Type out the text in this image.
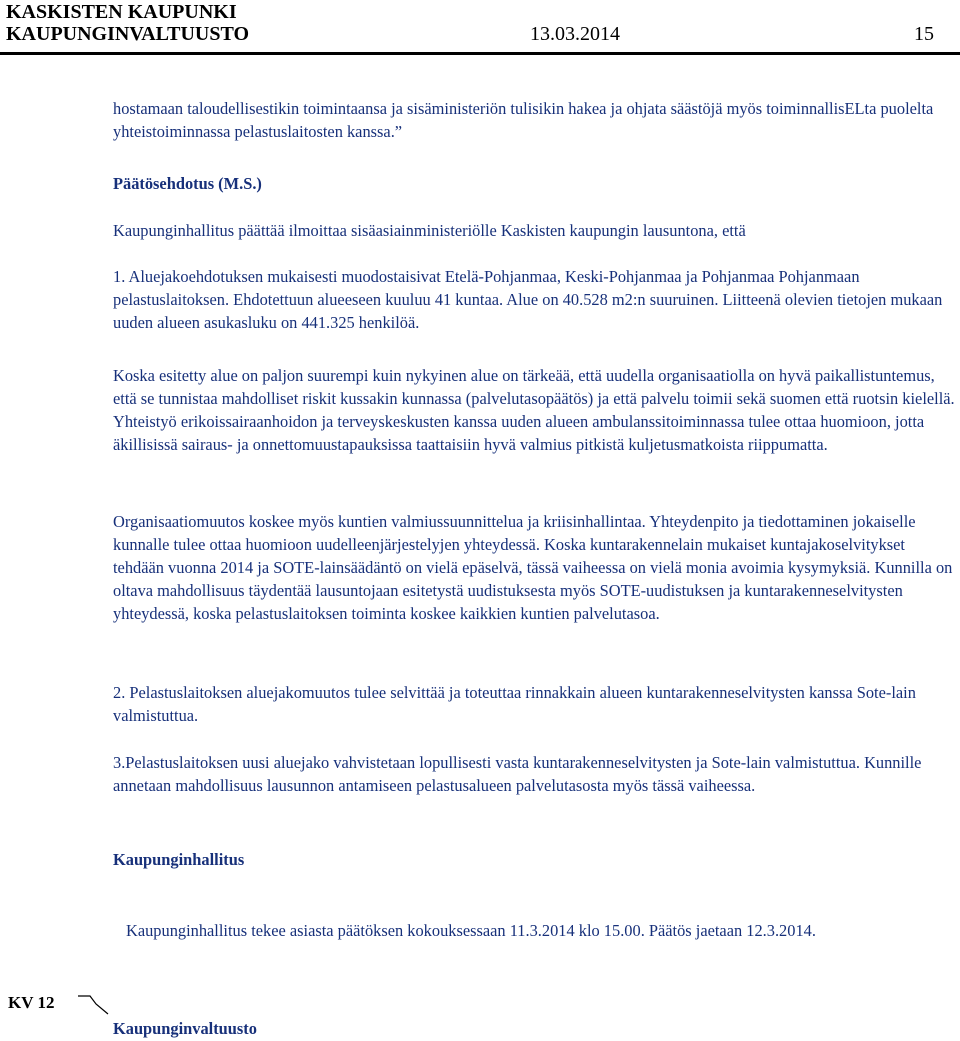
KASKISTEN KAUPUNKI
KAUPUNGINVALTUUSTO	13.03.2014	15
hostamaan taloudellisestikin toimintaansa ja sisäministeriön tulisikin hakea ja ohjata säästöjä myös toiminnallisELta puolelta yhteistoiminnassa pelastuslaitosten kanssa.”
Päätösehdotus (M.S.)
Kaupunginhallitus päättää ilmoittaa sisäasiainministeriölle Kaskisten kaupungin lausuntona, että
1. Aluejakoehdotuksen mukaisesti muodostaisivat Etelä-Pohjanmaa, Keski-Pohjanmaa ja Pohjanmaa Pohjanmaan pelastuslaitoksen. Ehdotettuun alueeseen kuuluu 41 kuntaa. Alue on 40.528 m2:n suuruinen. Liitteenä olevien tietojen mukaan uuden alueen asukasluku on 441.325 henkilöä.
Koska esitetty alue on paljon suurempi kuin nykyinen alue on tärkeää, että uudella organisaatiolla on hyvä paikallistuntemus, että se tunnistaa mahdolliset riskit kussakin kunnassa (palvelutasopäätös) ja että palvelu toimii sekä suomen että ruotsin kielellä. Yhteistyö erikoissairaanhoidon ja terveyskeskusten kanssa uuden alueen ambulanssitoiminnassa tulee ottaa huomioon, jotta äkillisissä sairaus- ja onnettomuustapauksissa taattaisiin hyvä valmius pitkistä kuljetusmatkoista riippumatta.
Organisaatiomuutos koskee myös kuntien valmiussuunnittelua ja kriisinhallintaa. Yhteydenpito ja tiedottaminen jokaiselle kunnalle tulee ottaa huomioon uudelleenjärjestelyjen yhteydessä. Koska kuntarakennelain mukaiset kuntajakoselvitykset tehdään vuonna 2014 ja SOTE-lainsäädäntö on vielä epäselvä, tässä vaiheessa on vielä monia avoimia kysymyksiä. Kunnilla on oltava mahdollisuus täydentää lausuntojaan esitetystä uudistuksesta myös SOTE-uudistuksen ja kuntarakenneselvitysten yhteydessä, koska pelastuslaitoksen toiminta koskee kaikkien kuntien palvelutasoa.
2. Pelastuslaitoksen aluejakomuutos tulee selvittää ja toteuttaa rinnakkain alueen kuntarakenneselvitysten kanssa Sote-lain valmistuttua.
3.Pelastuslaitoksen uusi aluejako vahvistetaan lopullisesti vasta kuntarakenneselvitysten ja Sote-lain valmistuttua. Kunnille annetaan mahdollisuus lausunnon antamiseen pelastusalueen palvelutasosta myös tässä vaiheessa.
Kaupunginhallitus
Kaupunginhallitus tekee asiasta päätöksen kokouksessaan 11.3.2014 klo 15.00. Päätös jaetaan 12.3.2014.
KV 12
Kaupunginvaltuusto
